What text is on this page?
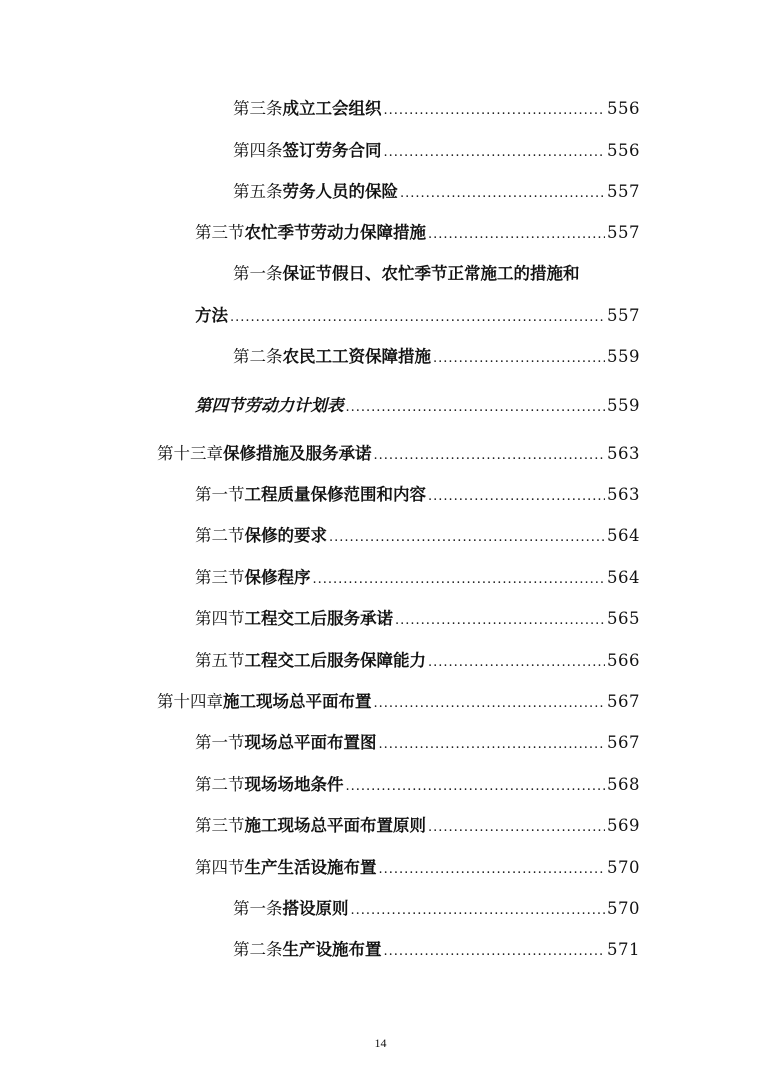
第三条 成立工会组织 .....	556
第四条 签订劳务合同 .....	556
第五条 劳务人员的保险 .....	557
第三节 农忙季节劳动力保障措施 .....	557
第一条保证节假日、农忙季节正常施工的措施和
方法 .....	557
第二条 农民工工资保障措施 .....	559
第四节劳动力计划表 .....	559
第十三章 保修措施及服务承诺 .....	563
第一节 工程质量保修范围和内容 .....	563
第二节 保修的要求 .....	564
第三节 保修程序 .....	564
第四节 工程交工后服务承诺 .....	565
第五节 工程交工后服务保障能力 .....	566
第十四章 施工现场总平面布置 .....	567
第一节 现场总平面布置图 .....	567
第二节 现场场地条件 .....	568
第三节 施工现场总平面布置原则 .....	569
第四节 生产生活设施布置 .....	570
第一条 搭设原则 .....	570
第二条 生产设施布置 .....	571
14
